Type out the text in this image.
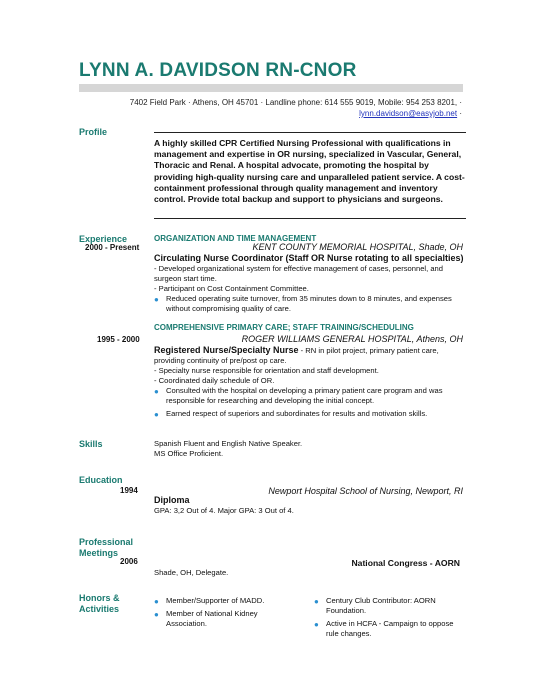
LYNN A. DAVIDSON RN-CNOR
7402 Field Park · Athens, OH 45701 · Landline phone: 614 555 9019, Mobile: 954 253 8201, ·
lynn.davidson@easyjob.net ·
Profile
A highly skilled CPR Certified Nursing Professional with qualifications in management and expertise in OR nursing, specialized in Vascular, General, Thoracic and Renal. A hospital advocate, promoting the hospital by providing high-quality nursing care and unparalleled patient service. A cost-containment professional through quality management and inventory control. Provide total backup and support to physicians and surgeons.
Experience
2000 - Present
ORGANIZATION AND TIME MANAGEMENT
KENT COUNTY MEMORIAL HOSPITAL, Shade, OH
Circulating Nurse Coordinator (Staff OR Nurse rotating to all specialties)
- Developed organizational system for effective management of cases, personnel, and surgeon start time.
- Participant on Cost Containment Committee.
● Reduced operating suite turnover, from 35 minutes down to 8 minutes, and expenses without compromising quality of care.
1995 - 2000
COMPREHENSIVE PRIMARY CARE; STAFF TRAINING/SCHEDULING
ROGER WILLIAMS GENERAL HOSPITAL, Athens, OH
Registered Nurse/Specialty Nurse - RN in pilot project, primary patient care, providing continuity of pre/post op care.
- Specialty nurse responsible for orientation and staff development.
- Coordinated daily schedule of OR.
● Consulted with the hospital on developing a primary patient care program and was responsible for researching and developing the initial concept.
● Earned respect of superiors and subordinates for results and motivation skills.
Skills	Spanish Fluent and English Native Speaker.
MS Office Proficient.
Education
1994	Newport Hospital School of Nursing, Newport, RI
Diploma
GPA: 3,2 Out of 4. Major GPA: 3 Out of 4.
Professional
Meetings
2006	National Congress - AORN
Shade, OH, Delegate.
Honors &
Activities
● Member/Supporter of MADD.
● Member of National Kidney Association.
● Century Club Contributor: AORN Foundation.
● Active in HCFA - Campaign to oppose rule changes.
